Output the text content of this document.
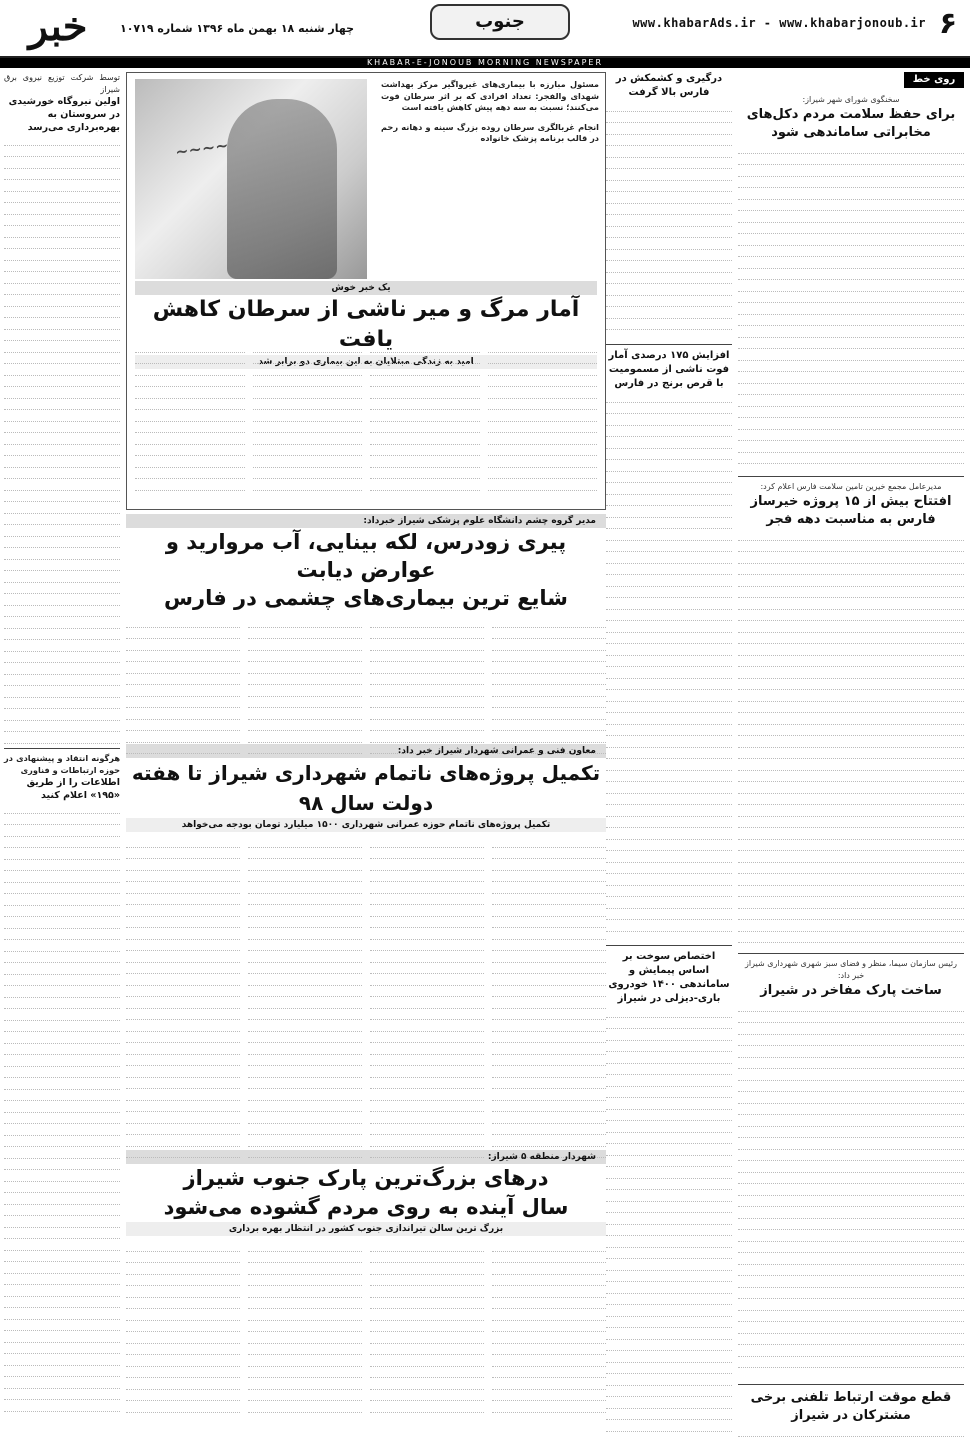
۶
www.khabarAds.ir - www.khabarjonoub.ir
جنوب
چهار شنبه ۱۸ بهمن ماه ۱۳۹۶ شماره ۱۰۷۱۹
خبر
KHABAR-E-JONOUB MORNING NEWSPAPER
روی خط
سخنگوی شورای شهر شیراز:
برای حفظ سلامت مردم دکل‌های مخابراتی ساماندهی شود
مدیرعامل مجمع خیرین تامین سلامت فارس اعلام کرد:
افتتاح بیش از ۱۵ پروژه خیرساز فارس به مناسبت دهه فجر
رئیس سازمان سیما، منظر و فضای سبز شهری شهرداری شیراز خبر داد:
ساخت پارک مفاخر در شیراز
قطع موقت ارتباط تلفنی برخی مشترکان در شیراز
درگیری و کشمکش در فارس بالا گرفت
افزایش ۱۷۵ درصدی آمار فوت ناشی از مسمومیت با قرص برنج در فارس
اختصاص سوخت بر اساس پیمایش و ساماندهی ۱۴۰۰ خودروی باری-دیزلی در شیراز
مسئول مبارزه با بیماری‌های غیرواگیر مرکز بهداشت شهدای والفجر: تعداد افرادی که بر اثر سرطان فوت می‌کنند؛ نسبت به سه دهه پیش کاهش یافته است
انجام غربالگری سرطان روده بزرگ سینه و دهانه رحم در قالب برنامه پزشک خانواده
~~~~
یک خبر خوش
آمار مرگ و میر ناشی از سرطان کاهش یافت
امید به زندگی مبتلایان به این بیماری دو برابر شد
مدیر گروه چشم دانشگاه علوم پزشکی شیراز خبرداد:
پیری زودرس، لکه بینایی، آب مروارید و عوارض دیابت
شایع ترین بیماری‌های چشمی در فارس
معاون فنی و عمرانی شهردار شیراز خبر داد:
تکمیل پروژه‌های ناتمام شهرداری شیراز تا هفته دولت سال ۹۸
تکمیل پروژه‌های ناتمام حوزه عمرانی شهرداری ۱۵۰۰ میلیارد تومان بودجه می‌خواهد
شهردار منطقه ۵ شیراز:
درهای بزرگ‌ترین پارک جنوب شیراز
سال آینده به روی مردم گشوده می‌شود
بزرگ ترین سالن تیراندازی جنوب کشور در انتظار بهره برداری
توسط شرکت توزیع نیروی برق شیراز
اولین نیروگاه خورشیدی در سروستان به بهره‌برداری می‌رسد
هرگونه انتقاد و پیشنهادی در حوزه ارتباطات و فناوری
اطلاعات را از طریق «۱۹۵» اعلام کنید
